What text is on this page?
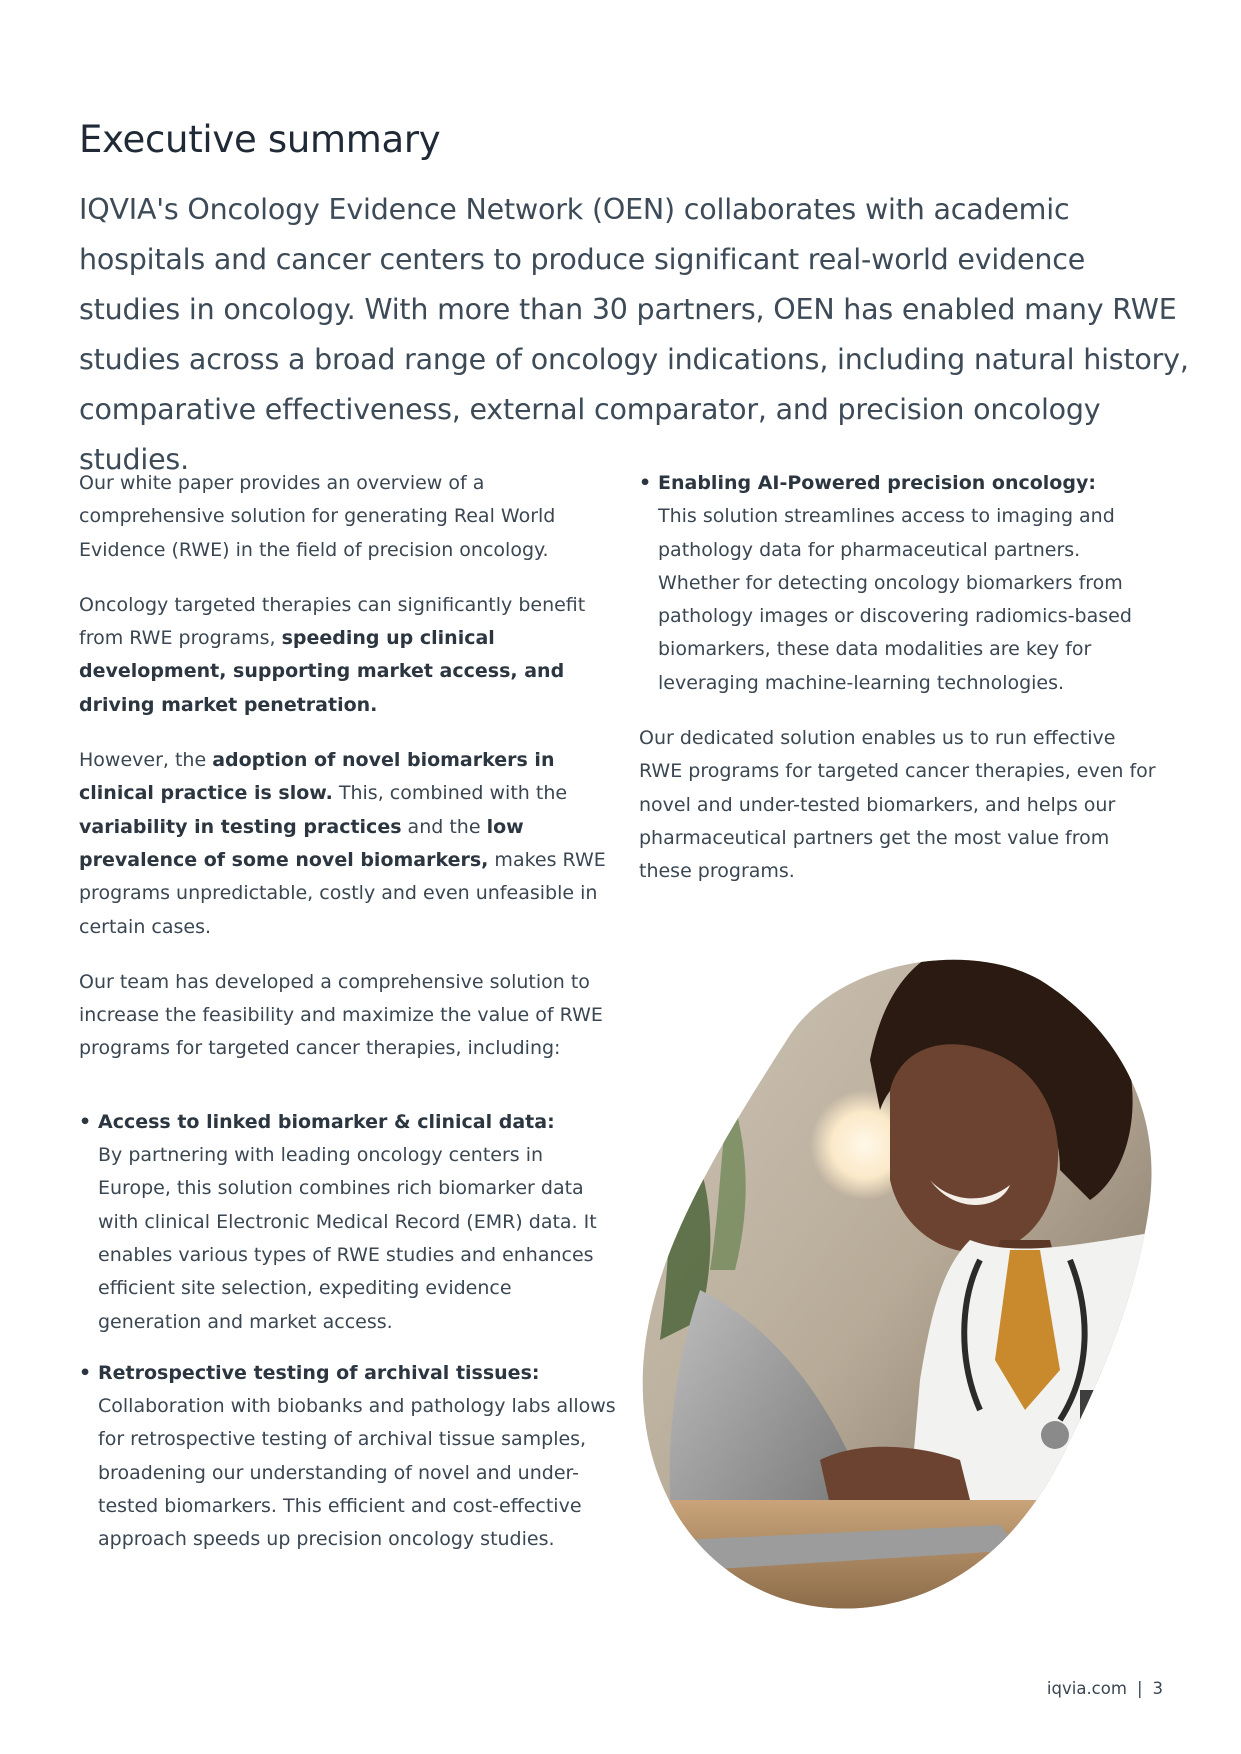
Executive summary

IQVIA's Oncology Evidence Network (OEN) collaborates with academic hospitals and cancer centers to produce significant real-world evidence studies in oncology. With more than 30 partners, OEN has enabled many RWE studies across a broad range of oncology indications, including natural history, comparative effectiveness, external comparator, and precision oncology studies.

Our white paper provides an overview of a comprehensive solution for generating Real World Evidence (RWE) in the field of precision oncology.

Oncology targeted therapies can significantly benefit from RWE programs, speeding up clinical development, supporting market access, and driving market penetration.

However, the adoption of novel biomarkers in clinical practice is slow. This, combined with the variability in testing practices and the low prevalence of some novel biomarkers, makes RWE programs unpredictable, costly and even unfeasible in certain cases.

Our team has developed a comprehensive solution to increase the feasibility and maximize the value of RWE programs for targeted cancer therapies, including:

• Access to linked biomarker & clinical data:
By partnering with leading oncology centers in Europe, this solution combines rich biomarker data with clinical Electronic Medical Record (EMR) data. It enables various types of RWE studies and enhances efficient site selection, expediting evidence generation and market access.
• Retrospective testing of archival tissues:
Collaboration with biobanks and pathology labs allows for retrospective testing of archival tissue samples, broadening our understanding of novel and under-tested biomarkers. This efficient and cost-effective approach speeds up precision oncology studies.
• Enabling AI-Powered precision oncology:
This solution streamlines access to imaging and pathology data for pharmaceutical partners. Whether for detecting oncology biomarkers from pathology images or discovering radiomics-based biomarkers, these data modalities are key for leveraging machine-learning technologies.

Our dedicated solution enables us to run effective RWE programs for targeted cancer therapies, even for novel and under-tested biomarkers, and helps our pharmaceutical partners get the most value from these programs.

iqvia.com | 3
